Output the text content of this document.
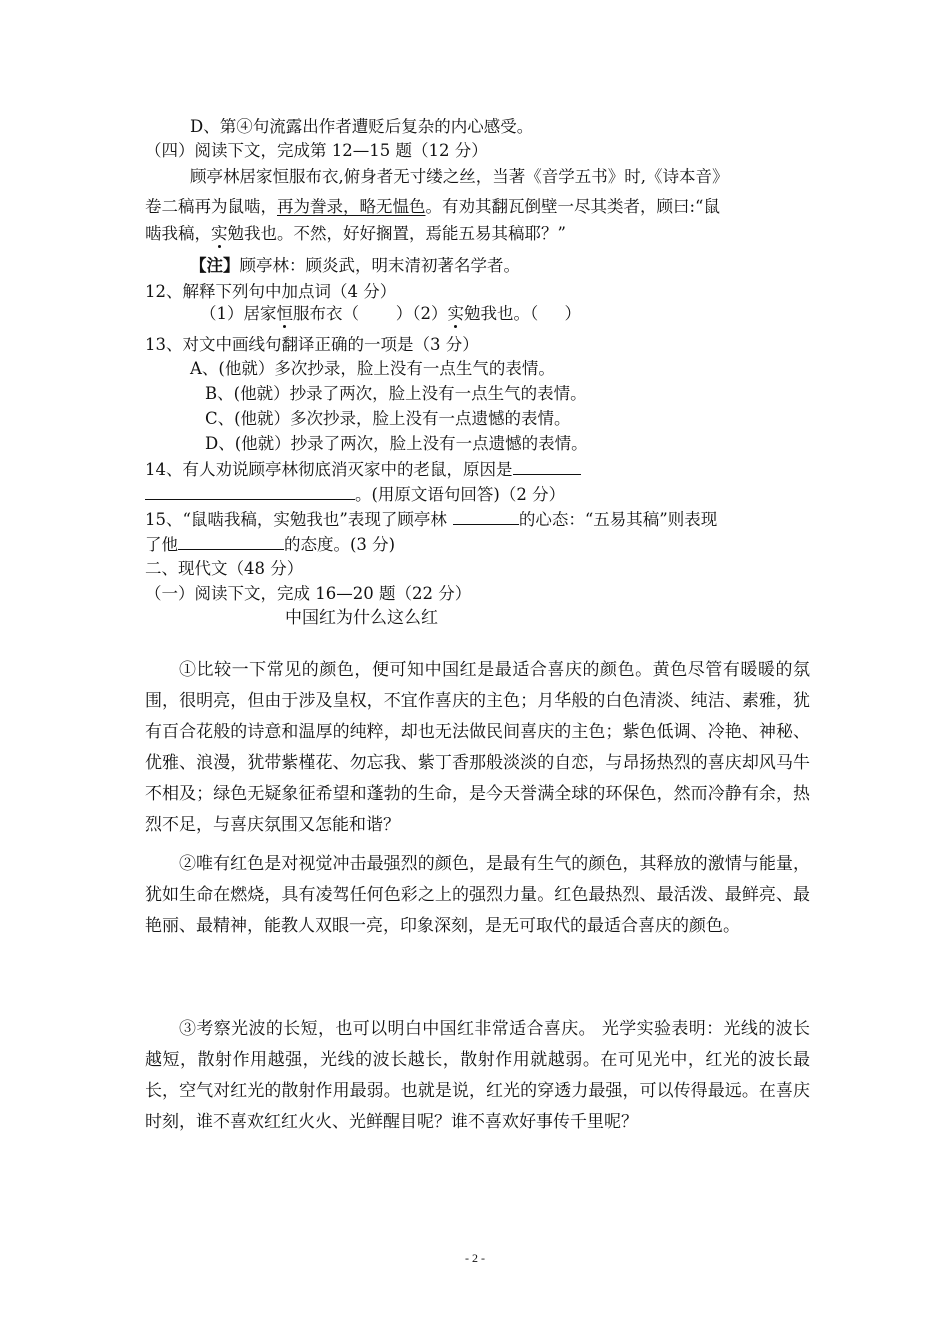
D、第④句流露出作者遭贬后复杂的内心感受。
（四）阅读下文，完成第 12—15 题（12 分）
顾亭林居家恒服布衣,俯身者无寸缕之丝，当著《音学五书》时,《诗本音》
卷二稿再为鼠啮，再为誊录，略无愠色。有劝其翻瓦倒壁一尽其类者，顾曰:“鼠
啮我稿，实勉我也。不然，好好搁置，焉能五易其稿耶？”
【注】顾亭林：顾炎武，明末清初著名学者。
12、解释下列句中加点词（4 分）
（1）居家恒服布衣（       ）（2）实勉我也。（     ）
13、对文中画线句翻译正确的一项是（3 分）
A、(他就）多次抄录，脸上没有一点生气的表情。
B、(他就）抄录了两次，脸上没有一点生气的表情。
C、(他就）多次抄录，脸上没有一点遗憾的表情。
D、(他就）抄录了两次，脸上没有一点遗憾的表情。
14、有人劝说顾亭林彻底消灭家中的老鼠，原因是
。(用原文语句回答)（2 分）
15、“鼠啮我稿，实勉我也”表现了顾亭林	的心态：“五易其稿”则表现
了他	的态度。(3 分)
二、现代文（48 分）
（一）阅读下文，完成 16—20 题（22 分）
中国红为什么这么红
①比较一下常见的颜色，便可知中国红是最适合喜庆的颜色。黄色尽管有暖暖的氛围，很明亮，但由于涉及皇权，不宜作喜庆的主色；月华般的白色清淡、纯洁、素雅，犹有百合花般的诗意和温厚的纯粹，却也无法做民间喜庆的主色；紫色低调、冷艳、神秘、优雅、浪漫，犹带紫槿花、勿忘我、紫丁香那般淡淡的自恋，与昂扬热烈的喜庆却风马牛不相及；绿色无疑象征希望和蓬勃的生命，是今天誉满全球的环保色，然而冷静有余，热烈不足，与喜庆氛围又怎能和谐？
②唯有红色是对视觉冲击最强烈的颜色，是最有生气的颜色，其释放的激情与能量，犹如生命在燃烧，具有凌驾任何色彩之上的强烈力量。红色最热烈、最活泼、最鲜亮、最艳丽、最精神，能教人双眼一亮，印象深刻，是无可取代的最适合喜庆的颜色。
③考察光波的长短，也可以明白中国红非常适合喜庆。 光学实验表明：光线的波长越短，散射作用越强，光线的波长越长，散射作用就越弱。在可见光中，红光的波长最长，空气对红光的散射作用最弱。也就是说，红光的穿透力最强，可以传得最远。在喜庆时刻，谁不喜欢红红火火、光鲜醒目呢？谁不喜欢好事传千里呢？
- 2 -
